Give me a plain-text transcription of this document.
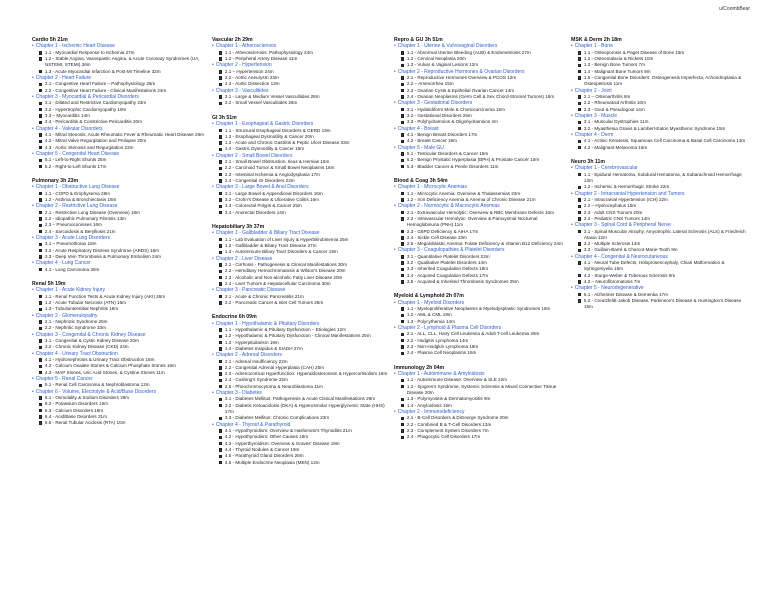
u/CoombBear
Cardio 5h 21m
• Chapter 1 - Ischemic Heart Disease
1.1 - Myocardial Response to Ischemia 27m
1.2 - Stable Angina, Vasospastic Angina, & Acute Coronary Syndromes (UA, NSTEMI, STEMI) 36m
1.3 - Acute Myocardial Infarction & Post-MI Timeline 32m
• Chapter 2 - Heart Failure
2.1 - Congestive Heart Failure – Pathophysiology 26m
2.2 - Congestive Heart Failure - Clinical Manifestations 24m
• Chapter 3 - Myocardial & Pericardial Disorders
3.1 - Dilated and Restrictive Cardiomyopathy 23m
3.2 - Hypertrophic Cardiomyopathy 19m
3.3 – Myocarditis 14m
3.4 - Pericarditis & Constrictive Pericarditis 20m
• Chapter 4 - Valvular Disorders
4.1 - Mitral Stenosis, Acute Rheumatic Fever & Rheumatic Heart Disease 26m
4.2 - Mitral Valve Regurgitation and Prolapse 20m
4.3 - Aortic Stenosis and Regurgitation 22m
• Chapter 5 - Congenital Heart Disease
5.1 - Left-to-Right Shunts 25m
5.2 - Right-to-Left Shunts 17m
Pulmonary 3h 23m
• Chapter 1 - Obstructive Lung Disease
1.1 - COPD & Emphysema 28m
1.2 - Asthma & Bronchiectasis 18m
• Chapter 2 - Restrictive Lung Disease
2.1 - Restrictive Lung Disease (Overview) 18m
2.2 - Idiopathic Pulmonary Fibrosis 13m
2.3 – Pneumoconioses 16m
2.4 - Sarcoidosis & Berylliosis 21m
• Chapter 3 - Acute Lung Disorders
3.1 – Pneumothorax 18m
3.2 - Acute Respiratory Distress Syndrome (ARDS) 16m
3.3 - Deep Vein Thrombosis & Pulmonary Embolism 24m
• Chapter 4 - Lung Cancer
4.1 - Lung Carcinoma 30m
Renal 5h 19m
• Chapter 1 - Acute Kidney Injury
1.1 - Renal Function Tests & Acute Kidney Injury (AKI) 26m
1.2 - Acute Tubular Necrosis (ATN) 16m
1.3 - Tubulointerstitial Nephritis 16m
• Chapter 2 - Glomerulopathy
2.1 - Nephrotic Syndrome 25m
2.2 - Nephritic Syndrome 33m
• Chapter 3 - Congenital & Chronic Kidney Disease
3.1 - Congenital & Cystic Kidney Disease 20m
3.2 - Chronic Kidney Disease (CKD) 24m
• Chapter 4 - Urinary Tract Obstruction
4.1 - Hydronephrosis & Urinary Tract Obstruction 18m
4.2 - Calcium Oxalate Stones & Calcium Phosphate Stones 16m
4.3 - MAP Stones, Uric Acid Stones, & Cystine Stones 11m
• Chapter 5 - Renal Cancer
5.1 - Renal Cell Carcinoma & Nephroblastoma 12m
• Chapter 6 - Volume, Electrolyte & Acid/Base Disorders
6.1 - Osmolality & Sodium Disorders 29m
6.2 - Potassium Disorders 15m
6.3 - Calcium Disorders 16m
6.4 - Acid/Base Disorders 31m
6.5 - Renal Tubular Acidosis (RTA) 10m
Vascular 2h 29m
• Chapter 1 - Atherosclerosis
1.1 - Atherosclerosis: Pathophysiology 24m
1.2 - Peripheral Artery Disease 11m
• Chapter 2 - Hypertension
2.1 – Hypertension 24m
2.2 - Aortic Aneurysm 23m
2.3 - Aortic Dissection 13m
• Chapter 3 - Vasculitides
3.1 - Large & Medium Vessel Vasculitides 28m
3.2 - Small Vessel Vasculitides 26m
GI 3h 51m
• Chapter 1 - Esophageal & Gastric Disorders
1.1 - Structural Esophageal Disorders & GERD 19m
1.2 - Esophageal Dysmotility & Cancer 20m
1.3 - Acute and Chronic Gastritis & Peptic Ulcer Disease 33m
1.4 - Gastric Dysmotility & Cancer 16m
• Chapter 2 - Small Bowel Disorders
2.1 - Small Bowel Obstruction, Ileus & Hernias 16m
2.2 - Carcinoid Tumor & Small Bowel Neoplasms 16m
2.3 - Intestinal Ischemia & Angiodysplasia 17m
2.4 - Congenital GI Disorders 23m
• Chapter 3 - Large Bowel & Anal Disorders
3.1 - Large Bowel & Appendiceal Disorders 16m
3.2 - Crohn's Disease & Ulcerative Colitis 16m
3.3 - Colorectal Polyps & Cancer 25m
3.4 - Anorectal Disorders 14m
Hepatobiliary 3h 37m
• Chapter 1 - Gallbladder & Biliary Tract Disease
1.1 - Lab Evaluation of Liver Injury & Hyperbilirubinemia 25m
1.2 - Gallbladder & Biliary Tract Disease 27m
1.3 - Autoimmune Biliary Tract Disorders & Cancer 19m
• Chapter 2 - Liver Disease
2.1 - Cirrhosis - Pathogenesis & Clinical Manifestations 30m
2.2 - Hereditary Hemochromatosis & Wilson's Disease 20m
2.3 - Alcoholic and Non-alcoholic Fatty Liver Disease 20m
2.4 - Liver Tumors & Hepatocellular Carcinoma 30m
• Chapter 3 - Pancreatic Disease
3.1 - Acute & Chronic Pancreatitis 21m
3.2 - Pancreatic Cancer & Islet Cell Tumors 25m
Endocrine 6h 09m
• Chapter 1 - Hypothalamic & Pituitary Disorders
1.1 - Hypothalamic & Pituitary Dysfunction – Etiologies 12m
1.2 - Hypothalamic & Pituitary Dysfunction - Clinical Manifestations 25m
1.3 - Hyperpituitarism 19m
1.4 - Diabetes Insipidus & SIADH 27m
• Chapter 2 - Adrenal Disorders
2.1 - Adrenal Insufficiency 22m
2.2 - Congenital Adrenal Hyperplasia (CAH) 25m
2.3 - Adrenocortical Hyperfunction: Hyperaldosteronism & Hypercortisolism 18m
2.4 - Cushing's Syndrome 22m
2.5 - Pheochromocytoma & Neuroblastoma 11m
• Chapter 3 - Diabetes
3.1 - Diabetes Mellitus: Pathogenesis & Acute Clinical Manifestations 29m
3.2 - Diabetic Ketoacidosis (DKA) & Hyperosmolar Hyperglycemic State (HHS) 17m
3.3 - Diabetes Mellitus: Chronic Complications 23m
• Chapter 4 - Thyroid & Parathyroid
4.1 - Hypothyroidism: Overview & Hashimoto's Thyroiditis 21m
4.2 - Hypothyroidism: Other Causes 18m
4.3 - Hyperthyroidism: Overview & Graves' Disease 19m
4.4 - Thyroid Nodules & Cancer 19m
4.5 - Parathyroid Gland Disorders 28m
4.6 - Multiple Endocrine Neoplasia (MEN) 12m
Repro & GU 3h 51m
• Chapter 1 - Uterine & Vulvovaginal Disorders
1.1 - Abnormal Uterine Bleeding (AUB) & Endometriosis 27m
1.2 - Cervical Neoplasia 20m
1.3 - Vulvar & Vaginal Lesions 12m
• Chapter 2 - Reproductive Hormones & Ovarian Disorders
2.1 - Reproductive Hormones Overview & PCOS 12m
2.2 – Amenorrhea 15m
2.3 - Ovarian Cysts & Epithelial Ovarian Cancer 14m
2.4 - Ovarian Neoplasms (Germ Cell & Sex Chord-Stromal Tumors) 16m
• Chapter 3 - Gestational Disorders
3.1 - Hydatidiform Mole & Choriocarcinoma 15m
3.2 - Gestational Disorders 26m
3.3 - Polyhydramnios & Oligohydramnios 4m
• Chapter 4 - Breast
4.1 - Benign Breast Disorders 17m
4.2 - Breast Cancer 19m
• Chapter 5 - Male GU
5.1 - Testicular Disorders & Cancer 15m
5.2 - Benign Prostatic Hyperplasia (BPH) & Prostate Cancer 10m
5.3 - Bladder Cancer & Penile Disorders 11m
Blood & Coag 3h 54m
• Chapter 1 - Microcytic Anemias
1.1 - Microcytic Anemia: Overview & Thalassemias 23m
1.2 - Iron Deficiency Anemia & Anemia of Chronic Disease 21m
• Chapter 2 - Normocytic & Macrocytic Anemias
2.1 - Extravascular Hemolytic: Overview & RBC Membrane Defects 16m
2.2 - Intravascular Hemolytic: Overview & Paroxysmal Nocturnal Hemoglobinuria (PNH) 11m
2.3 - G6PD Deficiency & AIHA 17m
2.4 - Sickle Cell Disease 23m
2.5 - Megaloblastic Anemia: Folate Deficiency & Vitamin B12 Deficiency 24m
• Chapter 3 - Coagulopathies & Platelet Disorders
3.1 - Quantitative Platelet Disorders 22m
3.2 - Qualitative Platelet Disorders 14m
3.3 - Inherited Coagulation Defects 18m
3.4 - Acquired Coagulation Defects 17m
3.5 - Acquired & Inherited Thrombosis Syndromes 25m
Myeloid & Lymphoid 2h 07m
• Chapter 1 - Myeloid Disorders
1.1 - Myeloproliferative Neoplasms & Myelodysplastic Syndromes 18m
1.2 - AML & CML 19m
1.3 - Polycythemia 14m
• Chapter 2 - Lymphoid & Plasma Cell Disorders
2.1 - ALL, CLL, Hairy Cell Leukemia & Adult T-cell Leukemia 28m
2.2 - Hodgkin Lymphoma 14m
2.3 - Non-Hodgkin Lymphoma 18m
2.4 - Plasma Cell Neoplasms 16m
Immunology 2h 04m
• Chapter 1 - Autoimmune & Amyloidosis
1.1 - Autoimmune Disease: Overview & SLE 22m
1.2 - Sjogren's Syndrome, Systemic Sclerosis & Mixed Connective Tissue Disease 20m
1.3 - Polymyositis & Dermatomyositis 9m
1.4 - Amyloidosis 15m
• Chapter 2 - Immunodeficiency
2.1 - B-Cell Disorders & DiGeorge Syndrome 20m
2.2 - Combined B & T-Cell Disorders 13m
2.3 - Complement System Disorders 7m
2.4 - Phagocytic Cell Disorders 17m
MSK & Derm 2h 18m
• Chapter 1 - Bone
1.1 - Osteoporosis & Paget Disease of Bone 15m
1.2 - Osteomalacia & Rickets 10m
1.3 - Benign Bone Tumors 7m
1.4 - Malignant Bone Tumors 9m
1.5 - Congenital Bone Disorders: Osteogenesis Imperfecta, Achondroplasia & Osteopetrosis 11m
• Chapter 2 - Joint
2.1 – Osteoarthritis 8m
2.2 - Rheumatoid Arthritis 10m
2.3 - Gout & Pseudogout 14m
• Chapter 3 - Muscle
3.1 - Muscular Dystrophies 11m
3.2 - Myasthenia Gravis & Lambert-Eaton Myasthenic Syndrome 15m
• Chapter 4 - Derm
4.1 - Actinic Keratosis, Squamous Cell Carcinoma & Basal Cell Carcinoma 13m
4.2 - Malignant Melanoma 15m
Neuro 3h 11m
• Chapter 1 - Cerebrovascular
1.1 - Epidural Hematoma, Subdural Hematoma, & Subarachnoid Hemorrhage 13m
1.2 - Ischemic & Hemorrhagic Stroke 22m
• Chapter 2 - Intracranial Hypertension and Tumors
2.1 - Intracranial Hypertension (ICH) 22m
2.2 – Hydrocephalus 15m
2.3 - Adult CNS Tumors 20m
2.4 - Pediatric CNS Tumors 14m
• Chapter 3 - Spinal Cord & Peripheral Nerve
3.1 - Spinal Muscular Atrophy, Amyotrophic Lateral Sclerosis (ALS) & Friedreich Ataxia 12m
3.2 - Multiple Sclerosis 14m
3.3 - Guillain-Barré & Charcot-Marie-Tooth 9m
• Chapter 4 - Congenital & Neurocutaneous
4.1 - Neural Tube Defects, Holoprosencephaly, Chiari Malformation & Syringomyelia 15m
4.2 - Sturge-Weber & Tuberous Sclerosis 9m
4.3 – Neurofibromatosis 7m
• Chapter 5 - Neurodegenerative
5.1 - Alzheimer Disease & Dementia 17m
5.2 - Creutzfeldt-Jakob Disease, Parkinson's Disease & Huntington's Disease 15m
